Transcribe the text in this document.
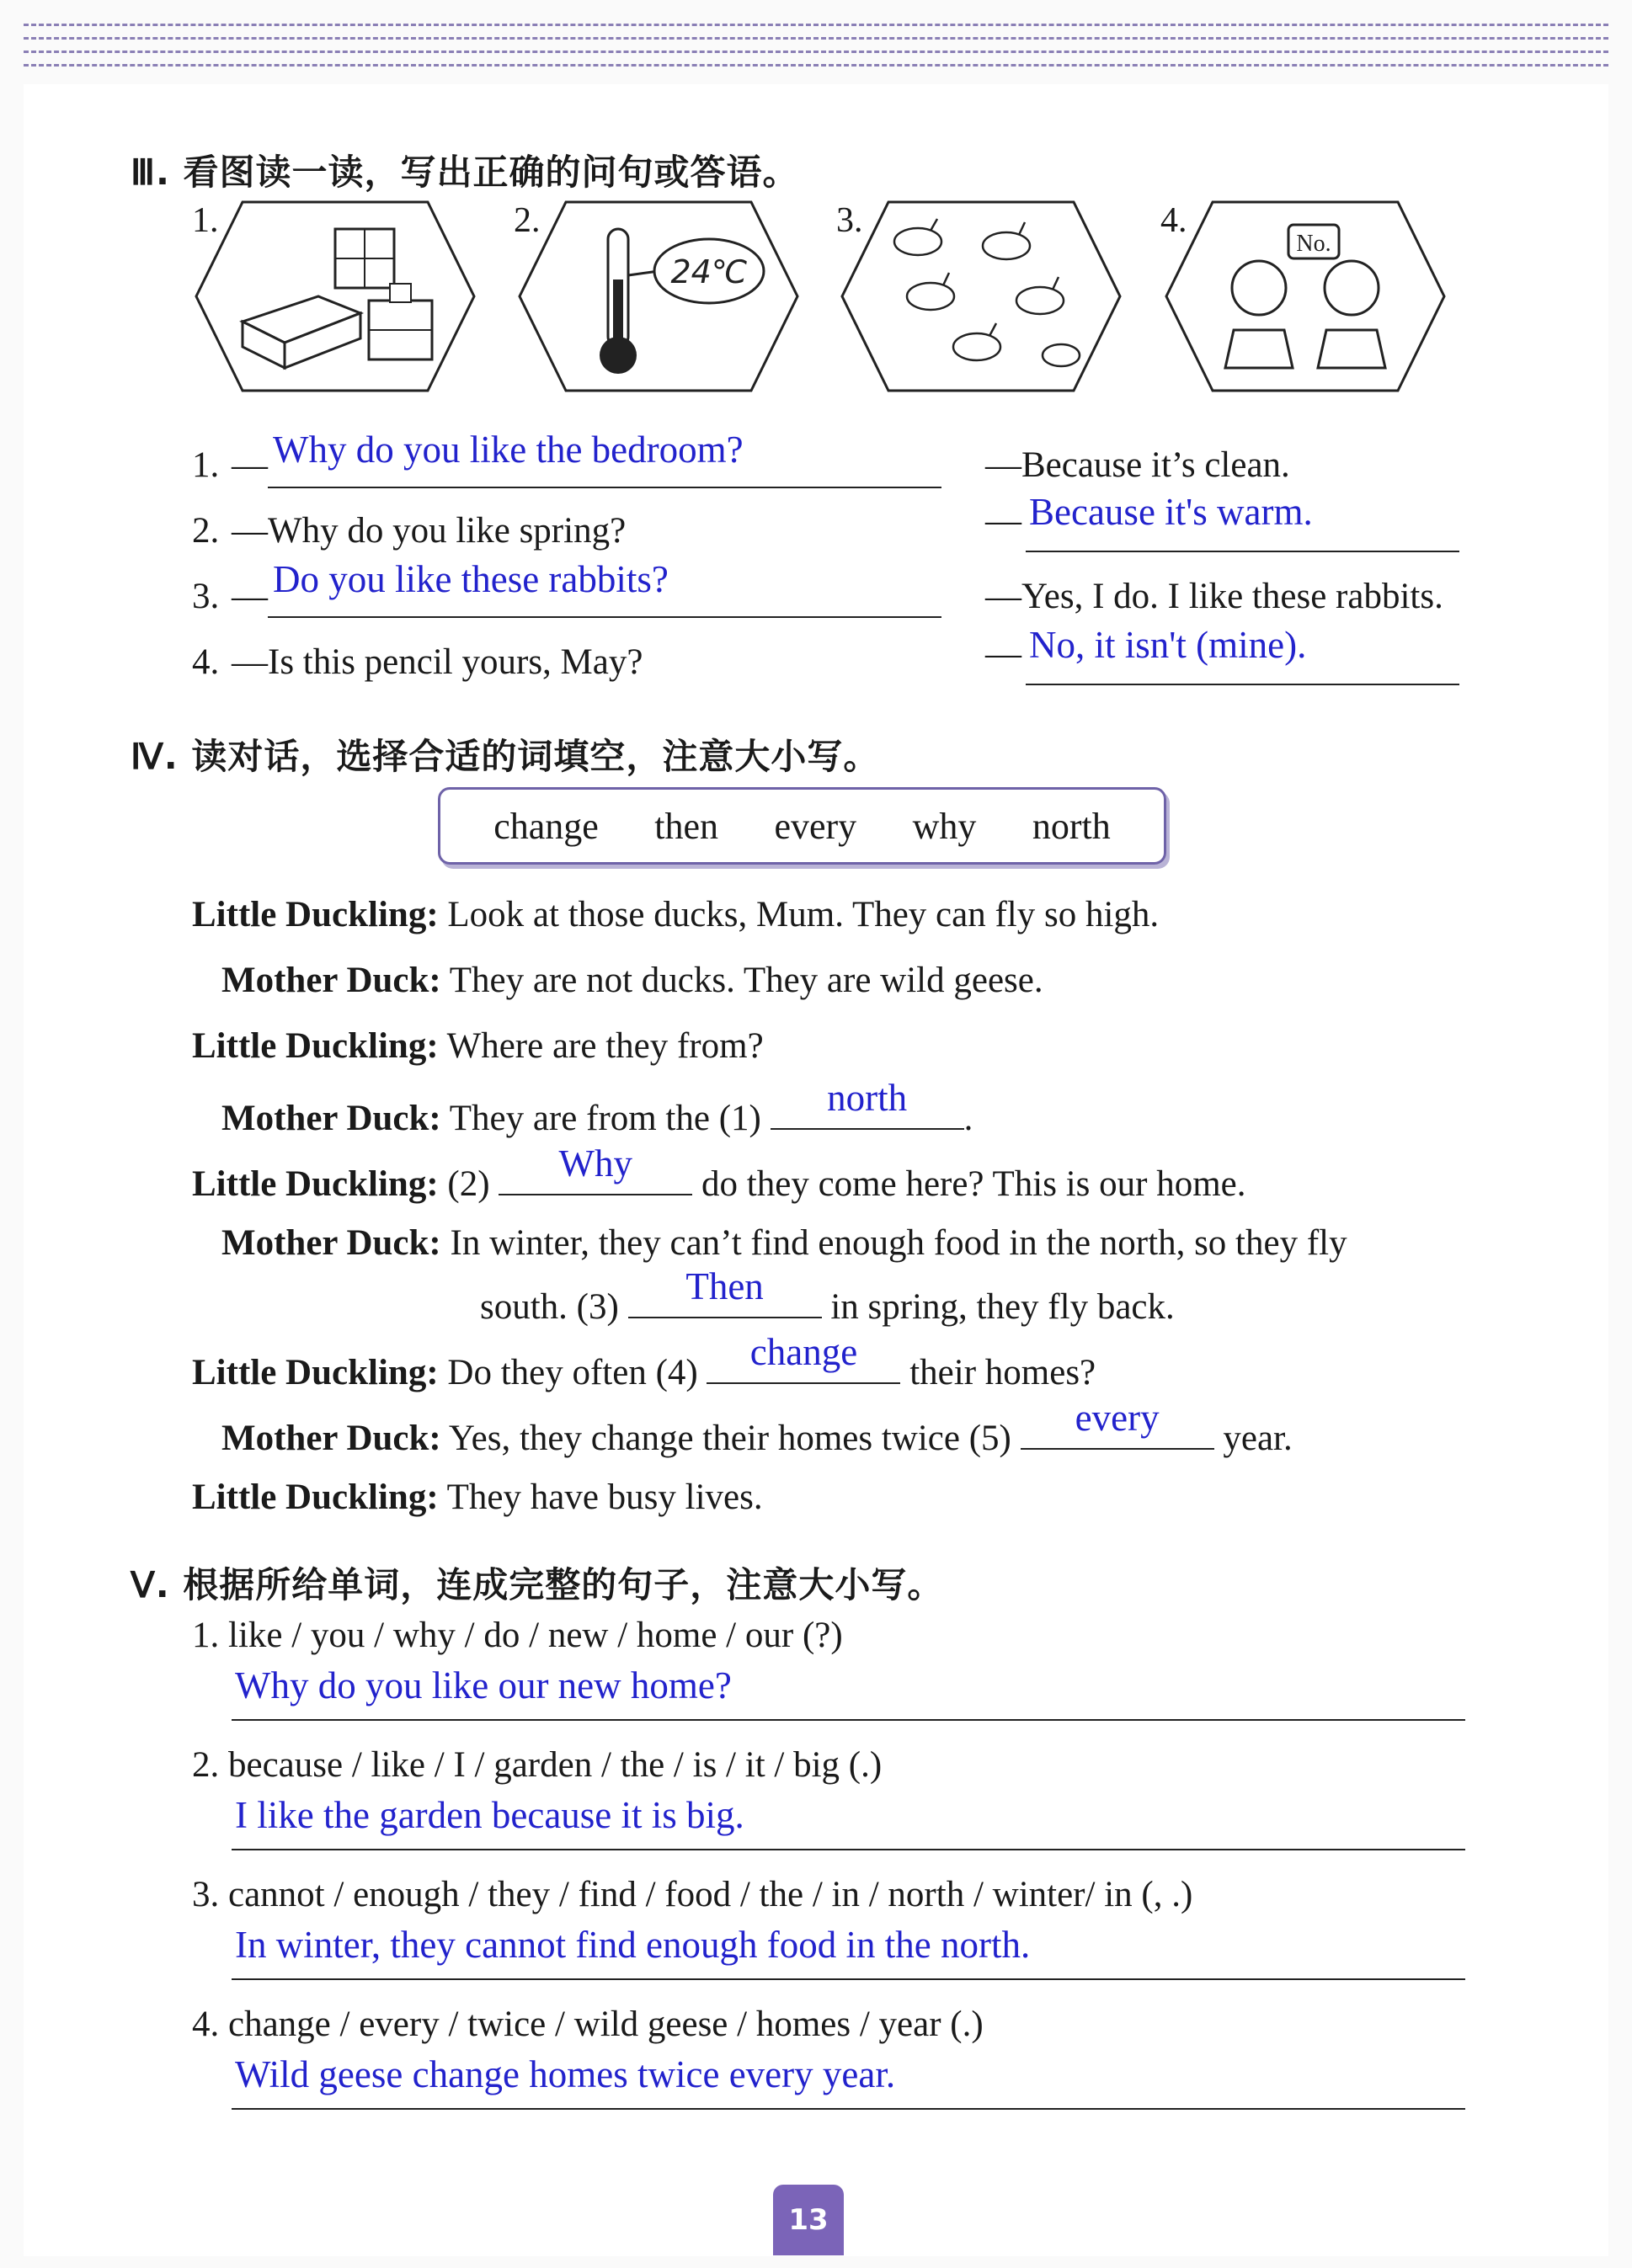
Ⅲ. 看图读一读，写出正确的问句或答语。
1.	2.	3.	4.
24℃
No.
1. — Why do you like the bedroom?	—Because it’s clean.
2. —Why do you like spring?	— Because it's warm.
3. — Do you like these rabbits?	—Yes, I do. I like these rabbits.
4. —Is this pencil yours, May?	— No, it isn't (mine).
Ⅳ. 读对话，选择合适的词填空，注意大小写。
change then every why north
Little Duckling: Look at those ducks, Mum. They can fly so high.
Mother Duck: They are not ducks. They are wild geese.
Little Duckling: Where are they from?
Mother Duck: They are from the (1)	north	.
Little Duckling: (2)	Why	do they come here? This is our home.
Mother Duck: In winter, they can’t find enough food in the north, so they fly
south. (3)	Then	in spring, they fly back.
Little Duckling: Do they often (4)	change	their homes?
Mother Duck: Yes, they change their homes twice (5)	every	year.
Little Duckling: They have busy lives.
Ⅴ. 根据所给单词，连成完整的句子，注意大小写。
1. like / you / why / do / new / home / our (?)
Why do you like our new home?
2. because / like / I / garden / the / is / it / big (.)
I like the garden because it is big.
3. cannot / enough / they / find / food / the / in / north / winter/ in (, .)
In winter, they cannot find enough food in the north.
4. change / every / twice / wild geese / homes / year (.)
Wild geese change homes twice every year.
13
